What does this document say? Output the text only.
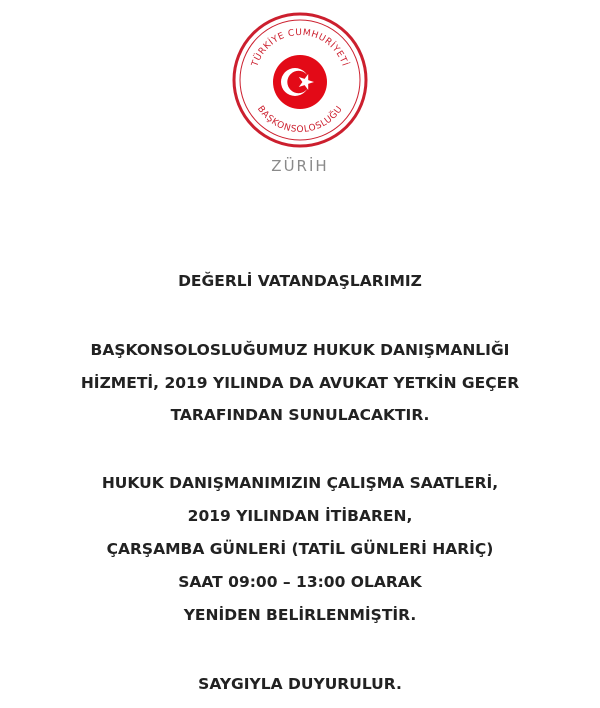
TÜRKİYE CUMHURİYETİ
BAŞKONSOLOSLUĞU
ZÜRİH
DEĞERLİ VATANDAŞLARIMIZ
BAŞKONSOLOSLUĞUMUZ HUKUK DANIŞMANLIĞI
HİZMETİ, 2019 YILINDA DA AVUKAT YETKİN GEÇER
TARAFINDAN SUNULACAKTIR.
HUKUK DANIŞMANIMIZIN ÇALIŞMA SAATLERİ,
2019 YILINDAN İTİBAREN,
ÇARŞAMBA GÜNLERİ (TATİL GÜNLERİ HARİÇ)
SAAT 09:00 – 13:00 OLARAK
YENİDEN BELİRLENMİŞTİR.
SAYGIYLA DUYURULUR.
